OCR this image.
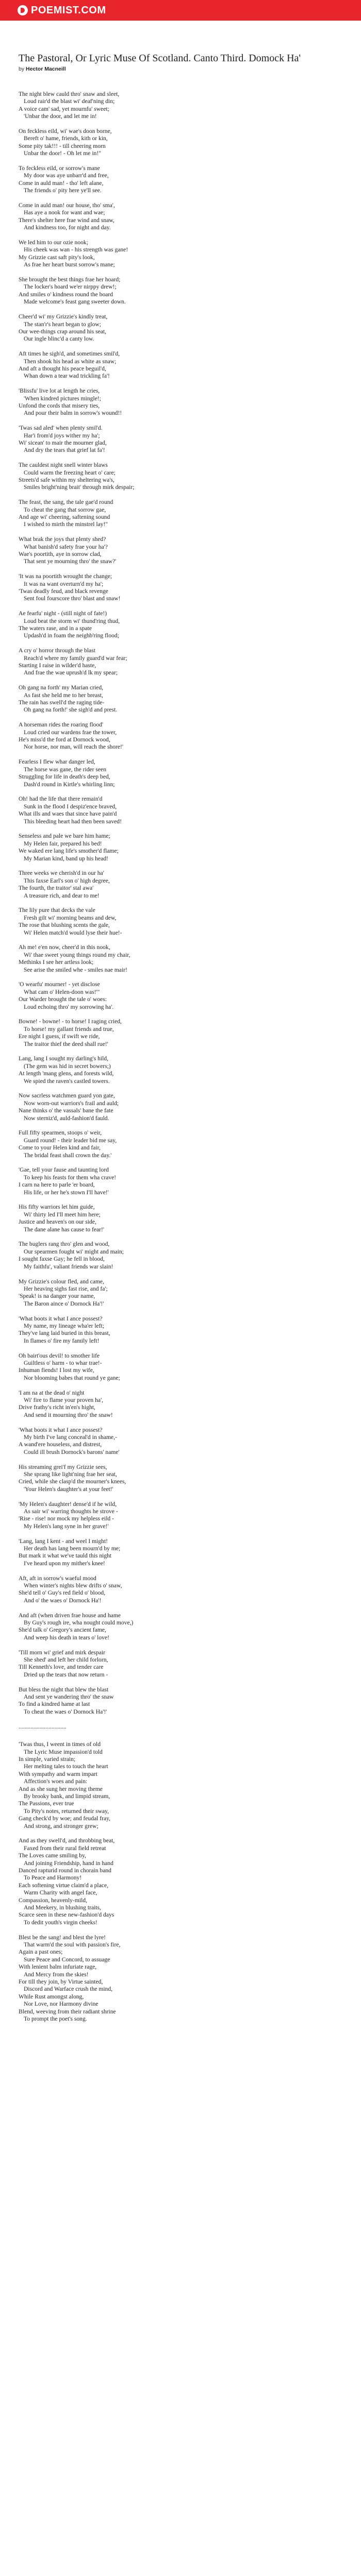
POEMIST.COM
The Pastoral, Or Lyric Muse Of Scotland. Canto Third. Domock Ha'
by Hector Macneill
The night blew cauld thro' snaw and sleet,
Loud rair'd the blast wi' deaf'ning din;
A voice cam' sad, yet mournfu' sweet;
'Unbar the door, and let me in!
On feckless eild, wi' wae's doon borne,
Bereft o' hame, friends, kith or kin,
Some pity tak!!! - till cheering morn
Unbar the door! - Oh let me in!"
To feckless eild, or sorrow's mane
My door was aye unbarr'd and free,
Come in auld man! - tho' left alane,
The friends o' pity here ye'll see.
Come in auld man! our house, tho' sma',
Has aye a nook for want and wae;
There's shelter here frae wind and snaw,
And kindness too, for night and day.
We led him to our ozie nook;
His cheek was wan - his strength was gane!
My Grizzie cast saft pity's look,
As frae her heart burst sorrow's mane;
She brought the best things frae her hoard;
The locker's hoard we'er nirppy drew!;
And smiles o' kindness round the board
Made welcome's feast gang sweeter down.
Cheer'd wi' my Grizzie's kindly treat,
The stan'r's heart began to glow;
Our wee-things crap around his seat,
Our ingle blinc'd a canty low.
Aft times he sigh'd, and sometimes smil'd,
Then shook his head as white as snaw;
And aft a thought his peace beguil'd,
Whan down a tear wad trickling fa'!
'Blissfu' live lot at length he cries,
'When kindred pictures mingle!;
Unfond the cords that misery ties,
And pour their balm in sorrow's wound!!
'Twas sad aled' when plenty smil'd.
Har'i from'd joys wither my ha';
Wi' sicean' to mair the mourner glad,
And dry the tears that grief lat fa'!
The cauldest night snell winter blaws
Could warm the freezing heart o' care;
Streets'd safe within my sheltering wa's,
Smiles bright'ning brait' through mirk despair;
The feast, the sang, the tale gae'd round
To cheat the gang that sorrow gae,
And age wi' cheering, saftening sound
I wished to mirth the minstrel lay!"
What brak the joys that plenty shed?
What banish'd safety frae your ha'?
Wae's poortith, aye in sorrow clad,
That sent ye mourning thro' the snaw?'
'It was na poortith wrought the change;
It was na want overturn'd my ha';
'Twas deadly feud, and black revenge
Sent foul fourscore thro' blast and snaw!
Ae fearfu' night - (still night of fate!)
Loud beat the storm wi' thund'ring thud,
The waters rase, and in a spate
Updash'd in foam the neighb'ring flood;
A cry o' horror through the blast
Reach'd where my family guard'd war fear;
Starting I raise in wilder'd haste,
And frae the wae uprush'd lk my spear;
Oh gang na forth' my Marian cried,
As fast she held me to her breast,
The rain has swell'd the raging tide-
Oh gang na forth!' she sigh'd and prest.
A horseman rides the roaring flood'
Loud cried our wardens frae the tower,
He's miss'd the ford at Dornock wood,
Nor horse, nor man, will reach the shore!'
Fearless I flew whar danger led,
The horse was gane, the rider seen
Struggling for life in death's deep bed,
Dash'd round in Kirtle's whirling linn;
Oh! had the life that there remain'd
Sunk in the flood I despiz'ence braved,
What ills and waes that since have pain'd
This bleeding heart had then been saved!
Senseless and pale we bare him hame;
My Helen fair, prepared his bed!
We waked ere lang life's smother'd flame;
My Marian kind, band up his head!
Three weeks we cherish'd in our ha'
This faxse Earl's son o' high degree,
The fourth, the traitor' stal awa'
A treasure rich, and dear to me!
The lily pure that decks the vale
Fresh gilt wi' morning beams and dew,
The rose that blushing scents the gale,
Wi' Helen match'd would lyse their hue!-
Ah me! e'en now, cheer'd in this nook,
Wi' thae sweet young things round my chair,
Methinks I see her artless look;
See arise the smiled whe - smiles nae mair!
'O wearfu' mourner! - yet disclose
What cam o' Helen-doon was!'"
Our Warder brought the tale o' woes:
Loud echoing thro' my sorrowing ha'.
Bowne! - bowne! - to horse! I raging cried,
To horse! my gallant friends and true,
Ere night I guess, if swift we ride,
The traitor thief the deed shall rue!'
Lang, lang I sought my darling's hild,
(The gem was hid in secret bowers;)
At length 'mang glens, and forests wild,
We spied the raven's castled towers.
Now sacrless watchmen guard yon gate,
Now worn-out warriors's frail and auld;
Nane thinks o' the vassals' bane the fate
Now sterniz'd, auld-fashion'd fauld.
Full fifty spearmen, stoops o' weir,
Guard round! - their leader bid me say,
Come to your Helen kind and fair,
The bridal feast shall crown the day.'
'Gae, tell your fause and taunting lord
To keep his feasts for them wha crave!
I carn na here to parle 'er board,
His life, or her he's stown I'll have!'
His fifty warriors let him guide,
Wi' thirty led I'll meet him here;
Justice and heaven's on our side,
The dane alane has cause to fear!'
The buglers rang thro' glen and wood,
Our spearmen fought wi' might and main;
I sought faxse Gay; he fell in blood,
My faithfu', valiant friends war slain!
My Grizzie's colour fled, and came,
Her heaving sighs fast rise, and fa';
'Speak! is na danger your name,
The Baron aince o' Dornock Ha'!'
'What boots it what I ance possest?
My name, my lineage wha'er left;
They've lang laid buried in this breast,
In flames o' fire my family left!
Oh bairt'ous devil! to smother life
Guiltless o' harm - to whar trae!-
Inhuman fiends! I lost my wife,
Nor blooming babes that round ye gane;
'I am na at the dead o' night
Wi' fire to flame your proven ha',
Drive frathy's richt in'en's hight,
And send it mourning thro' the snaw!
'What boots it what I ance possest?
My birth I've lang conceal'd in shame,-
A wand'ere houseless, and distrest,
Could ill brush Dornock's barons' name'
His streaming grei'f my Grizzie sees,
She sprang like light'ning frae her seat,
Cried, while she clasp'd the mourner's knees,
'Your Helen's daughter's at your feet!'
'My Helen's daughter! dense'd if he wild,
As sair wi' warring thoughts he strove -
'Rise - rise! nor mock my helpless eild -
My Helen's lang syne in her grave!'
'Lang, lang I kent - and weel I might!
Her death has lang been mourn'd by me;
But mark it what we've tauld this night
I've heard upon my mither's knee!
Aft, aft in sorrow's waeful mood
When winter's nights blew drifts o' snaw,
She'd tell o' Guy's red field o' blood,
And o' the waes o' Dornock Ha'!
And aft (when driven frae house and hame
By Guy's rough ire, wha nought could move,)
She'd talk o' Gregory's ancient fame,
And weep his death in tears o' love!
'Till morn wi' grief and mirk despair
She shed' and left her child forlorn,
Till Kenneth's love, and tender care
Dried up the tears that now return -
But bless the night that blew the blast
And sent ye wandering thro' the snaw
To find a kindred hame at last
To cheat the waes o' Dornock Ha'!'
................................
'Twas thus, I weent in times of old
The Lyric Muse impassion'd told
In simple, varied strain;
Her melting tales to touch the heart
With sympathy and warm impart
Affection's woes and pain:
And as she sung her moving theme
By brooky bank, and limpid stream,
The Passions, ever true
To Pity's notes, returned their sway,
Gang check'd by woe; and feudal fray,
And strong, and stronger grew;
And as they swell'd, and throbbing beat,
Faxed from their rural field retreat
The Loves came smiling by,
And joining Friendship, hand in hand
Danced rapturid round in chorain band
To Peace and Harmony!
Each softening virtue claim'd a place,
Warm Charity with angel face,
Compassion, heavenly-mild,
And Meekery, in blushing traits,
Scarce seen in these new-fashion'd days
To dedit youth's virgin cheeks!
Blest be the sang! and blest the lyre!
That warm'd the soul with passion's fire,
Again a past ones;
Sure Peace and Concord, to assuage
With lenient balm infuriate rage,
And Mercy from the skies!
For till they join, by Virtue sainted,
Discord and Warface crush the mind,
While Rust amongst along,
Nor Love, nor Harmony divine
Blend, weeving from their radiant shrine
To prompt the poet's song.
